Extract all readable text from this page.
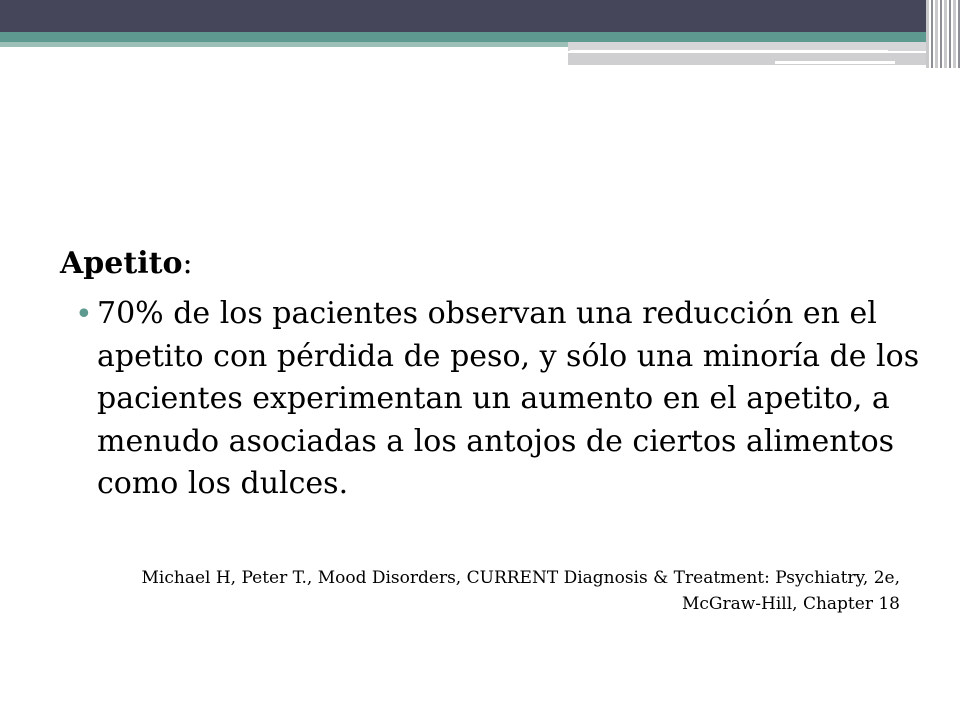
Apetito:
• 70% de los pacientes observan una reducción en el apetito con pérdida de peso, y sólo una minoría de los pacientes experimentan un aumento en el apetito, a menudo asociadas a los antojos de ciertos alimentos como los dulces.
Michael H, Peter T., Mood Disorders, CURRENT Diagnosis & Treatment: Psychiatry, 2e, McGraw-Hill, Chapter 18
